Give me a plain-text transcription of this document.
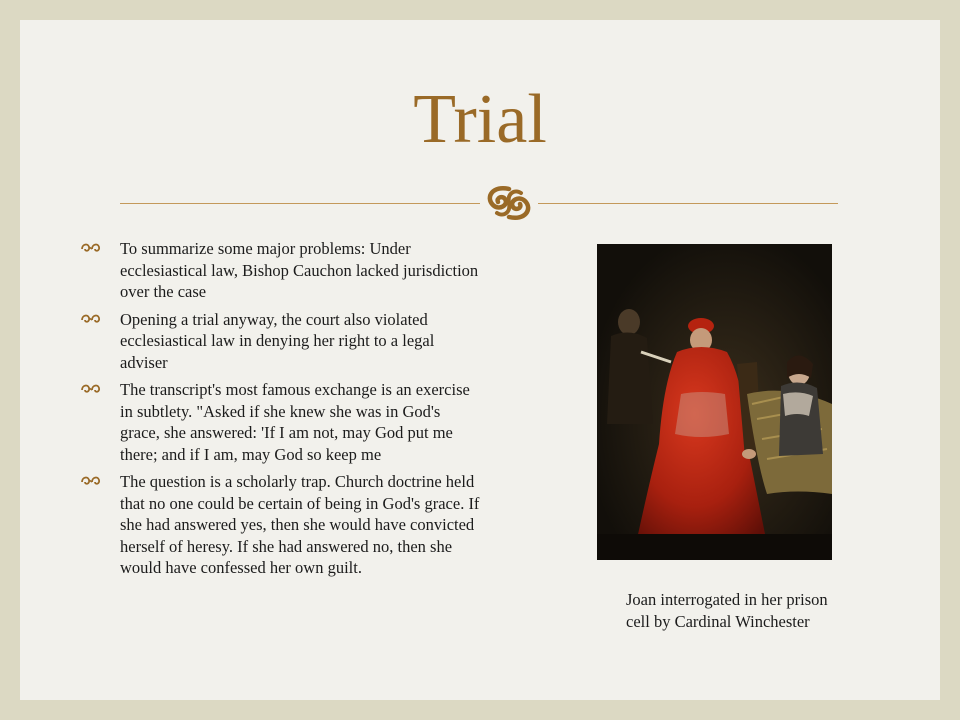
Trial
To summarize some major problems: Under ecclesiastical law, Bishop Cauchon lacked jurisdiction over the case
Opening a trial anyway, the court also violated ecclesiastical law in denying her right to a legal adviser
The transcript's most famous exchange is an exercise in subtlety. "Asked if she knew she was in God's grace, she answered: 'If I am not, may God put me there; and if I am, may God so keep me
The question is a scholarly trap. Church doctrine held that no one could be certain of being in God's grace. If she had answered yes, then she would have convicted herself of heresy. If she had answered no, then she would have confessed her own guilt.
Joan interrogated in her prison cell by Cardinal Winchester
